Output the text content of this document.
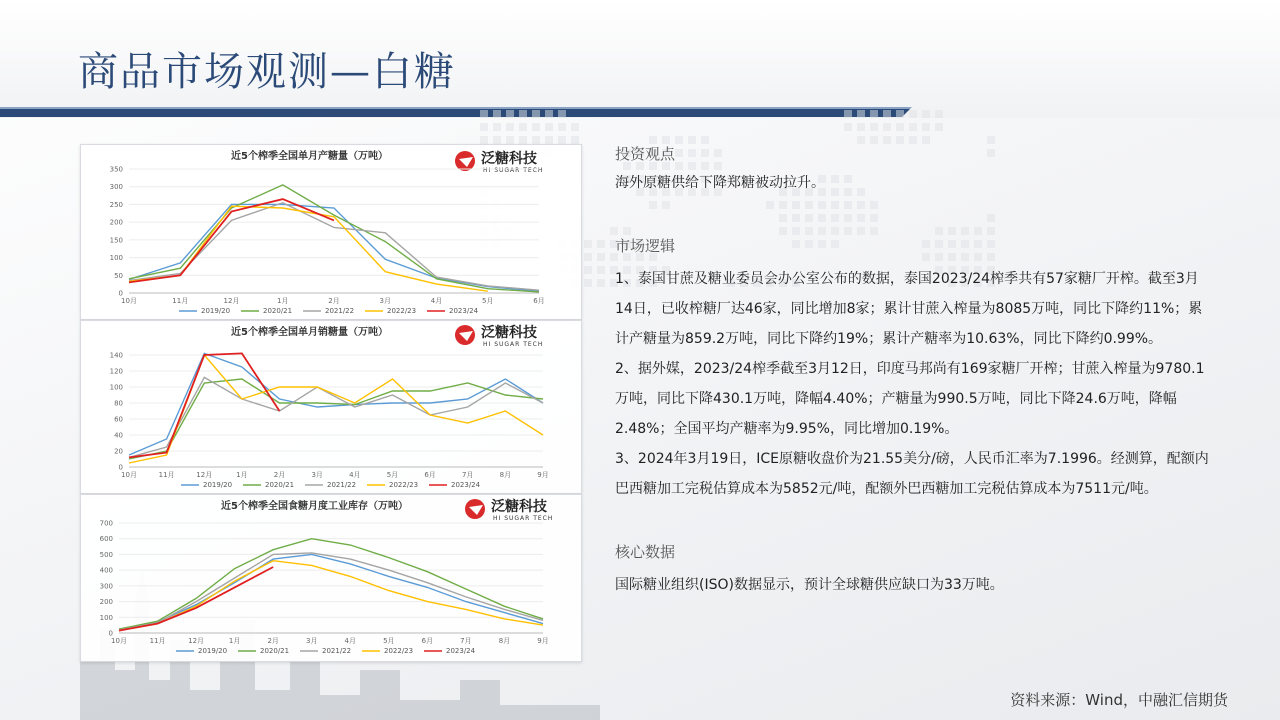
商品市场观测—白糖
近5个榨季全国单月产糖量（万吨）	泛糖科技
HI SUGAR TECH
0
50
100
150
200
250
300
350
10月	11月	12月	1月	2月	3月	4月	5月	6月
2019/20	2020/21	2021/22	2022/23	2023/24
近5个榨季全国单月销糖量（万吨）	泛糖科技
HI SUGAR TECH
0
20
40
60
80
100
120
140
10月	11月	12月	1月	2月	3月	4月	5月	6月	7月	8月	9月
2019/20	2020/21	2021/22	2022/23	2023/24
近5个榨季全国食糖月度工业库存（万吨）	泛糖科技
HI SUGAR TECH
0
100
200
300
400
500
600
700
10月	11月	12月	1月	2月	3月	4月	5月	6月	7月	8月	9月
2019/20	2020/21	2021/22	2022/23	2023/24

投资观点

海外原糖供给下降郑糖被动拉升。

市场逻辑

1、泰国甘蔗及糖业委员会办公室公布的数据，泰国2023/24榨季共有57家糖厂开榨。截至3月14日，已收榨糖厂达46家，同比增加8家；累计甘蔗入榨量为8085万吨，同比下降约11%；累计产糖量为859.2万吨，同比下降约19%；累计产糖率为10.63%，同比下降约0.99%。

2、据外媒，2023/24榨季截至3月12日，印度马邦尚有169家糖厂开榨；甘蔗入榨量为9780.1万吨，同比下降430.1万吨，降幅4.40%；产糖量为990.5万吨，同比下降24.6万吨，降幅2.48%；全国平均产糖率为9.95%，同比增加0.19%。

3、2024年3月19日，ICE原糖收盘价为21.55美分/磅，人民币汇率为7.1996。经测算，配额内巴西糖加工完税估算成本为5852元/吨，配额外巴西糖加工完税估算成本为7511元/吨。

核心数据

国际糖业组织(ISO)数据显示，预计全球糖供应缺口为33万吨。

资料来源：Wind，中融汇信期货
